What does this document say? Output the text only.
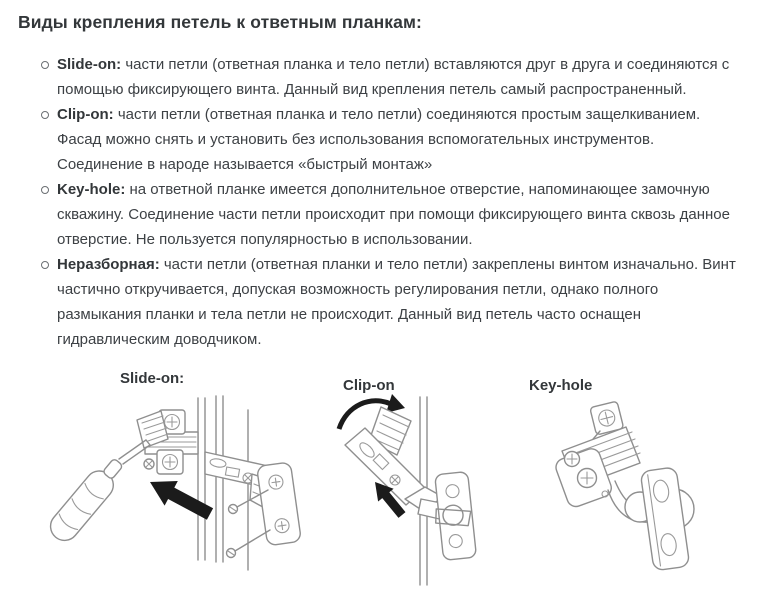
Виды крепления петель к ответным планкам:
Slide-on: части петли (ответная планка и тело петли) вставляются друг в друга и соединяются с помощью фиксирующего винта. Данный вид крепления петель самый распространенный.
Clip-on: части петли (ответная планка и тело петли) соединяются простым защелкиванием. Фасад можно снять и установить без использования вспомогательных инструментов. Соединение в народе называется «быстрый монтаж»
Key-hole: на ответной планке имеется дополнительное отверстие, напоминающее замочную скважину. Соединение части петли происходит при помощи фиксирующего винта сквозь данное отверстие. Не пользуется популярностью в использовании.
Неразборная: части петли (ответная планки и тело петли) закреплены винтом изначально. Винт частично откручивается, допуская возможность регулирования петли, однако полного размыкания планки и тела петли не происходит. Данный вид петель часто оснащен гидравлическим доводчиком.
Slide-on:	Clip-on	Key-hole
